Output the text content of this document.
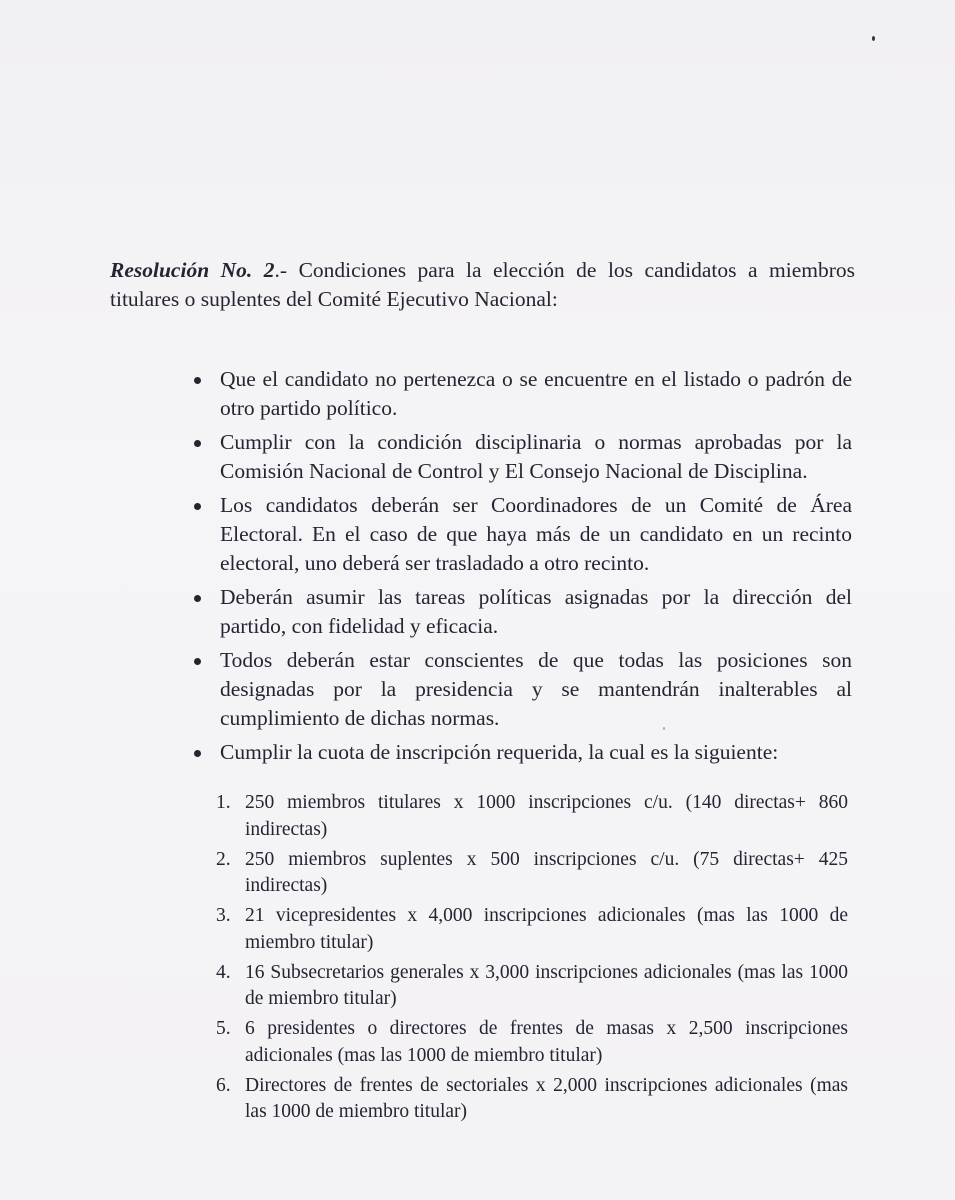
Resolución No. 2.- Condiciones para la elección de los candidatos a miembros titulares o suplentes del Comité Ejecutivo Nacional:
Que el candidato no pertenezca o se encuentre en el listado o padrón de otro partido político.
Cumplir con la condición disciplinaria o normas aprobadas por la Comisión Nacional de Control y El Consejo Nacional de Disciplina.
Los candidatos deberán ser Coordinadores de un Comité de Área Electoral. En el caso de que haya más de un candidato en un recinto electoral, uno deberá ser trasladado a otro recinto.
Deberán asumir las tareas políticas asignadas por la dirección del partido, con fidelidad y eficacia.
Todos deberán estar conscientes de que todas las posiciones son designadas por la presidencia y se mantendrán inalterables al cumplimiento de dichas normas.
Cumplir la cuota de inscripción requerida, la cual es la siguiente:
1. 250 miembros titulares x 1000 inscripciones c/u. (140 directas+ 860 indirectas)
2. 250 miembros suplentes x 500 inscripciones c/u. (75 directas+ 425 indirectas)
3. 21 vicepresidentes x 4,000 inscripciones adicionales (mas las 1000 de miembro titular)
4. 16 Subsecretarios generales x 3,000 inscripciones adicionales (mas las 1000 de miembro titular)
5. 6 presidentes o directores de frentes de masas x 2,500 inscripciones adicionales (mas las 1000 de miembro titular)
6. Directores de frentes de sectoriales x 2,000 inscripciones adicionales (mas las 1000 de miembro titular)
